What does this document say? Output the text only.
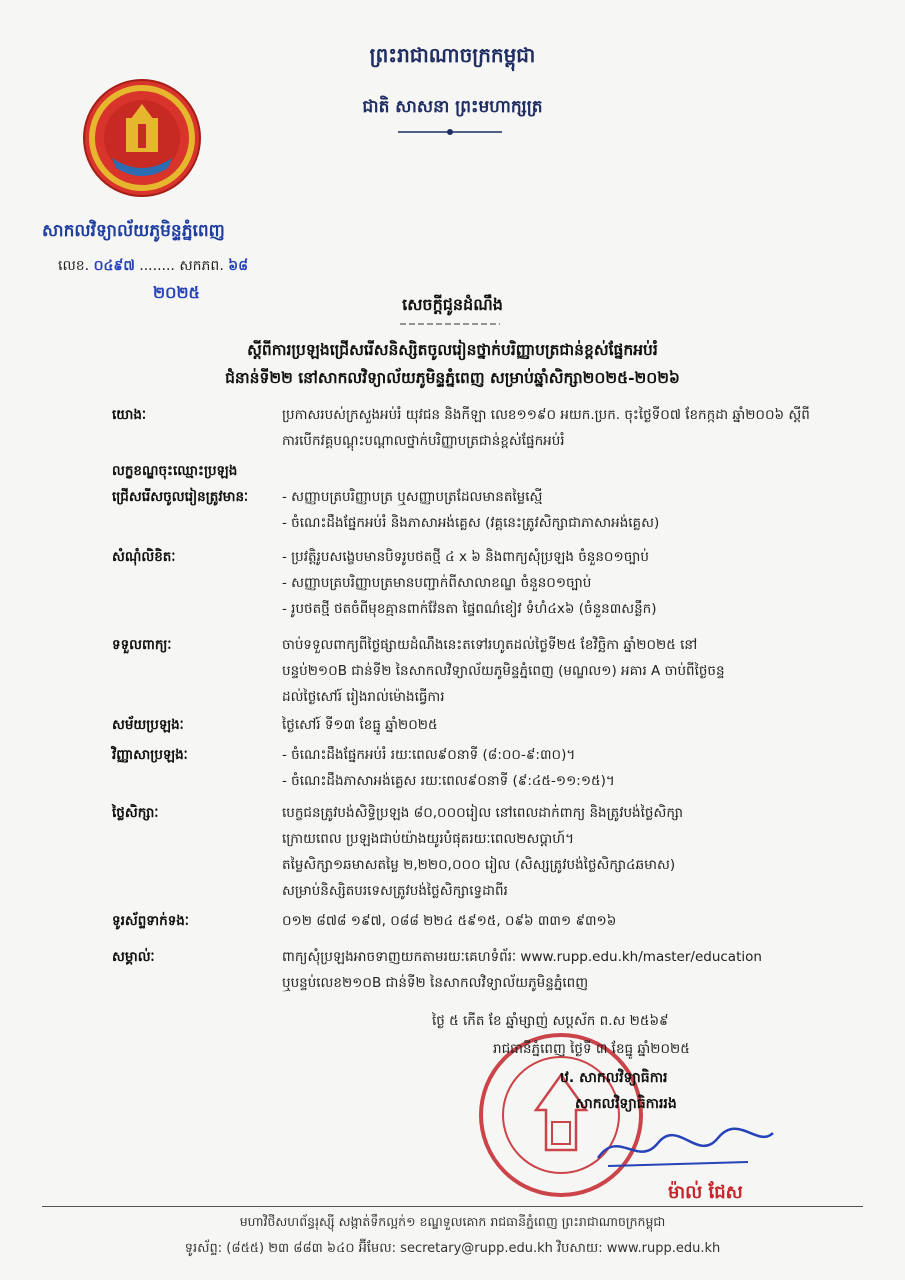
ព្រះរាជាណាចក្រកម្ពុជា
ជាតិ សាសនា ព្រះមហាក្សត្រ
សាកលវិទ្យាល័យភូមិន្ទភ្នំពេញ
លេខ. ០៤៩៧ ........ សកភព. ៦៨
២០២៥
សេចក្តីជូនដំណឹង
ស្តីពីការប្រឡងជ្រើសរើសនិស្សិតចូលរៀនថ្នាក់បរិញ្ញាបត្រជាន់ខ្ពស់ផ្នែកអប់រំ
ជំនាន់ទី២២ នៅសាកលវិទ្យាល័យភូមិន្ទភ្នំពេញ សម្រាប់ឆ្នាំសិក្សា២០២៥-២០២៦
យោងៈ	ប្រកាសរបស់ក្រសួងអប់រំ យុវជន និងកីឡា លេខ១១៩០ អយក.ប្រក. ចុះថ្ងៃទី០៧ ខែកក្កដា ឆ្នាំ២០០៦ ស្តីពី
ការបើកវគ្គបណ្តុះបណ្តាលថ្នាក់បរិញ្ញាបត្រជាន់ខ្ពស់ផ្នែកអប់រំ
លក្ខខណ្ឌចុះឈ្មោះប្រឡង
ជ្រើសរើសចូលរៀនត្រូវមានៈ	- សញ្ញាបត្របរិញ្ញាបត្រ ឬសញ្ញាបត្រដែលមានតម្លៃស្មើ
- ចំណេះដឹងផ្នែកអប់រំ និងភាសាអង់គ្លេស (វគ្គនេះត្រូវសិក្សាជាភាសាអង់គ្លេស)
សំណុំលិខិតៈ	- ប្រវត្តិរូបសង្ខេបមានបិទរូបថតថ្មី ៤ x ៦ និងពាក្យសុំប្រឡង ចំនួន០១ច្បាប់
- សញ្ញាបត្របរិញ្ញាបត្រមានបញ្ជាក់ពីសាលាខណ្ឌ ចំនួន០១ច្បាប់
- រូបថតថ្មី ថតចំពីមុខគ្មានពាក់វ៉ែនតា ផ្ទៃពណ៌ខៀវ ទំហំ៤x៦ (ចំនួន៣សន្លឹក)
ទទួលពាក្យៈ	ចាប់ទទួលពាក្យពីថ្ងៃផ្សាយដំណឹងនេះតទៅរហូតដល់ថ្ងៃទី២៥ ខែវិច្ឆិកា ឆ្នាំ២០២៥ នៅ
បន្ទប់២១០B ជាន់ទី២ នៃសាកលវិទ្យាល័យភូមិន្ទភ្នំពេញ (មណ្ឌល១) អគារ A ចាប់ពីថ្ងៃចន្ទ
ដល់ថ្ងៃសៅរ៍ រៀងរាល់ម៉ោងធ្វើការ
សម័យប្រឡងៈ	ថ្ងៃសៅរ៍ ទី១៣ ខែធ្នូ ឆ្នាំ២០២៥
វិញ្ញាសាប្រឡងៈ	- ចំណេះដឹងផ្នែកអប់រំ រយៈពេល៩០នាទី (៨:០០-៩:៣០)។
- ចំណេះដឹងភាសាអង់គ្លេស រយៈពេល៩០នាទី (៩:៤៥-១១:១៥)។
ថ្លៃសិក្សាៈ	បេក្ខជនត្រូវបង់សិទ្ធិប្រឡង ៨០,០០០រៀល នៅពេលដាក់ពាក្យ និងត្រូវបង់ថ្លៃសិក្សា
ក្រោយពេល ប្រឡងជាប់យ៉ាងយូរបំផុតរយៈពេល២សប្តាហ៍។
តម្លៃសិក្សា១ឆមាសតម្លៃ ២,២២០,០០០ រៀល (សិស្សត្រូវបង់ថ្លៃសិក្សា៤ឆមាស)
សម្រាប់និស្សិតបរទេសត្រូវបង់ថ្លៃសិក្សាទ្វេដាពីរ
ទូរស័ព្ទទាក់ទងៈ	០១២ ៨៧៨ ១៩៧, ០៨៨ ២២៤ ៥៩១៥, ០៩៦ ៣៣១ ៩៣១៦
សម្គាល់ៈ	ពាក្យសុំប្រឡងអាចទាញយកតាមរយៈគេហទំព័រៈ www.rupp.edu.kh/master/education
ឬបន្ទប់លេខ២១០B ជាន់ទី២ នៃសាកលវិទ្យាល័យភូមិន្ទភ្នំពេញ
ថ្ងៃ ៥ កើត ខែ ឆ្នាំម្សាញ់ សប្តស័ក ព.ស ២៥៦៩
រាជធានីភ្នំពេញ ថ្ងៃទី ៣ ខែធ្នូ ឆ្នាំ២០២៥
ឋ. សាកលវិទ្យាធិការ
សាកលវិទ្យាធិការរង
ម៉ាល់ ជែស
មហាវិថីសហព័ន្ធរុស្ស៊ី សង្កាត់ទឹកល្អក់១ ខណ្ឌទួលគោក រាជធានីភ្នំពេញ ព្រះរាជាណាចក្រកម្ពុជា
ទូរស័ព្ទ: (៨៥៥) ២៣ ៨៨៣ ៦៤០ អ៊ីមែល: secretary@rupp.edu.kh វិបសាយ: www.rupp.edu.kh
